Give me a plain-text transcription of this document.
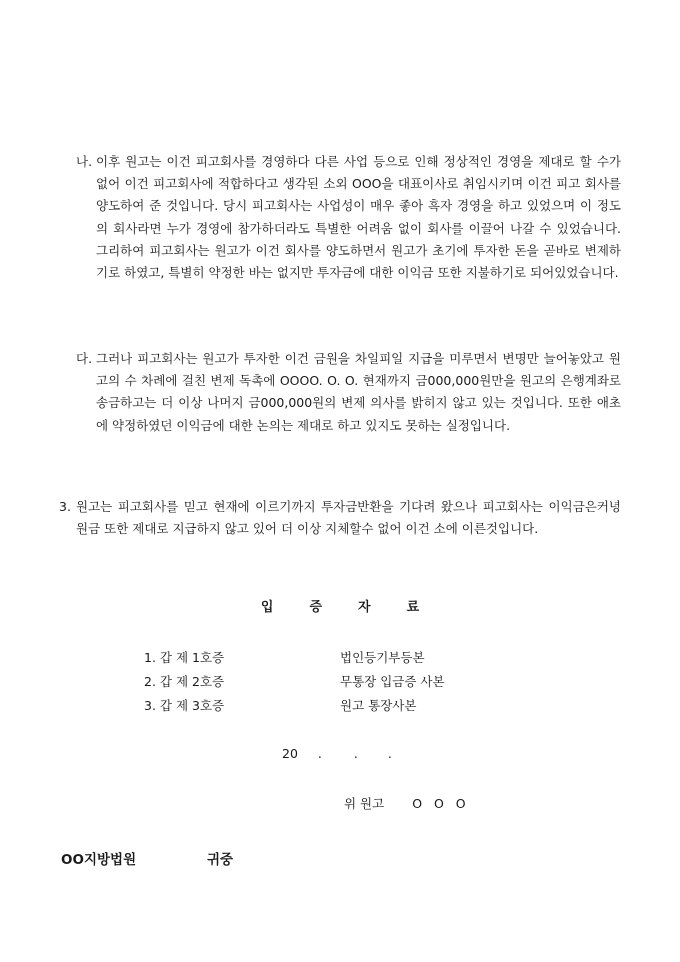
나. 이후 원고는 이건 피고회사를 경영하다 다른 사업 등으로 인해 정상적인 경영을 제대로 할 수가 없어 이건 피고회사에 적합하다고 생각된 소외 OOO을 대표이사로 취임시키며 이건 피고 회사를 양도하여 준 것입니다. 당시 피고회사는 사업성이 매우 좋아 흑자 경영을 하고 있었으며 이 정도의 회사라면 누가 경영에 참가하더라도 특별한 어려움 없이 회사를 이끌어 나갈 수 있었습니다. 그리하여 피고회사는 원고가 이건 회사를 양도하면서 원고가 초기에 투자한 돈을 곧바로 변제하기로 하였고, 특별히 약정한 바는 없지만 투자금에 대한 이익금 또한 지불하기로 되어있었습니다.
다. 그러나 피고회사는 원고가 투자한 이건 금원을 차일피일 지급을 미루면서 변명만 늘어놓았고 원고의 수 차례에 걸친 변제 독촉에 OOOO. O. O. 현재까지 금000,000원만을 원고의 은행계좌로 송금하고는 더 이상 나머지 금000,000원의 변제 의사를 밝히지 않고 있는 것입니다. 또한 애초에 약정하였던 이익금에 대한 논의는 제대로 하고 있지도 못하는 실정입니다.
3. 원고는 피고회사를 믿고 현재에 이르기까지 투자금반환을 기다려 왔으나 피고회사는 이익금은커녕 원금 또한 제대로 지급하지 않고 있어 더 이상 지체할수 없어 이건 소에 이른것입니다.
입	증	자	료
1. 갑 제 1호증	법인등기부등본
2. 갑 제 2호증	무통장 입금증 사본
3. 갑 제 3호증	원고 통장사본
20 .	. .
위 원고 O O O
OO지방법원	귀중
